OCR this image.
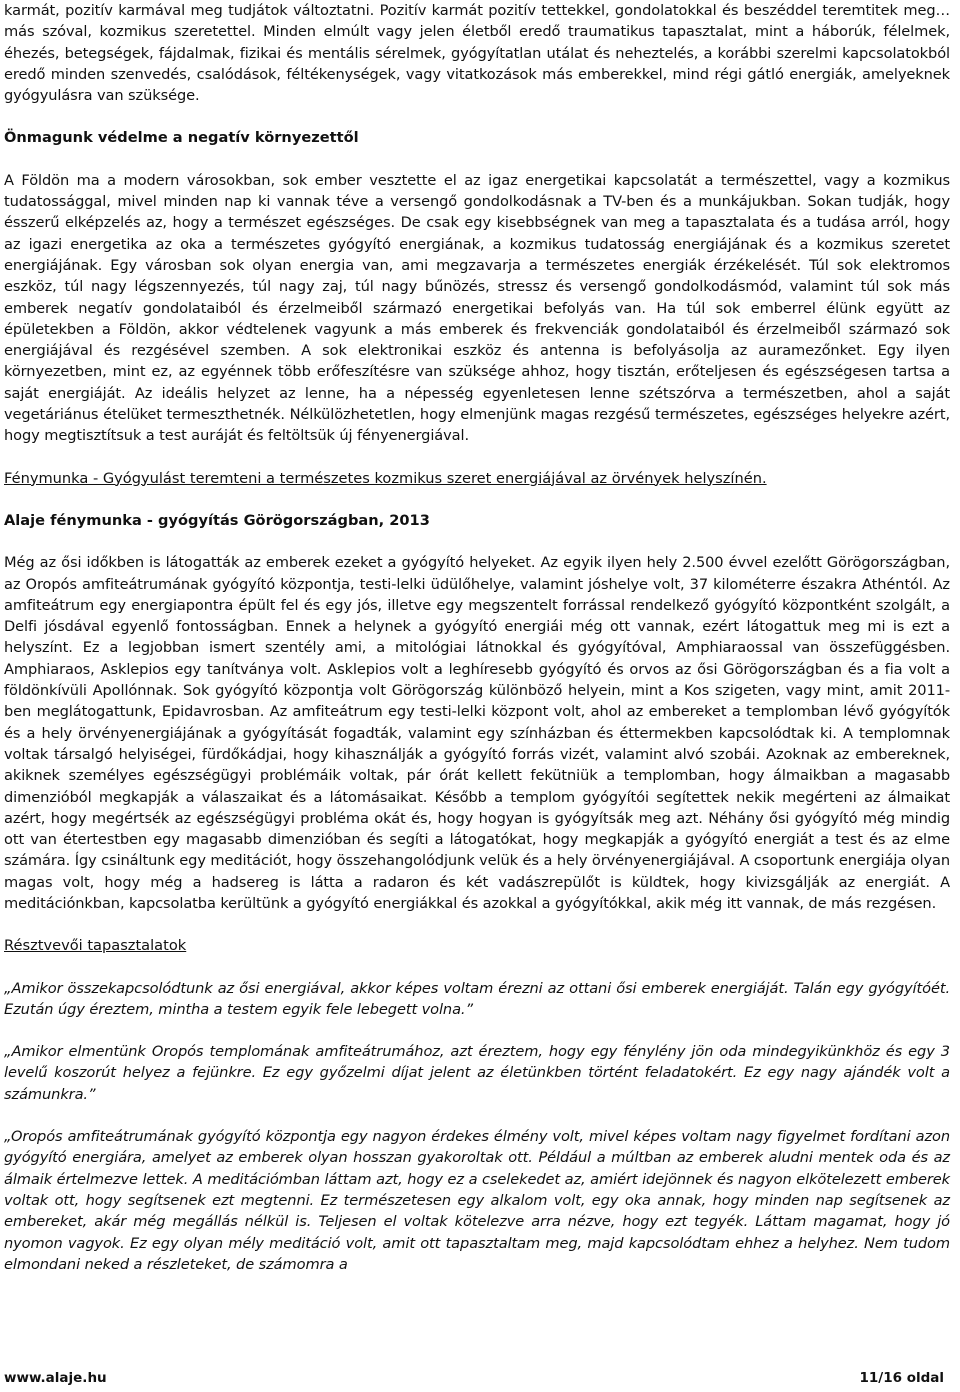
karmát, pozitív karmával meg tudjátok változtatni. Pozitív karmát pozitív tettekkel, gondolatokkal és beszéddel teremtitek meg… más szóval, kozmikus szeretettel. Minden elmúlt vagy jelen életből eredő traumatikus tapasztalat, mint a háborúk, félelmek, éhezés, betegségek, fájdalmak, fizikai és mentális sérelmek, gyógyítatlan utálat és neheztelés, a korábbi szerelmi kapcsolatokból eredő minden szenvedés, csalódások, féltékenységek, vagy vitatkozások más emberekkel, mind régi gátló energiák, amelyeknek gyógyulásra van szüksége.

Önmagunk védelme a negatív környezettől

A Földön ma a modern városokban, sok ember vesztette el az igaz energetikai kapcsolatát a természettel, vagy a kozmikus tudatossággal, mivel minden nap ki vannak téve a versengő gondolkodásnak a TV-ben és a munkájukban. Sokan tudják, hogy ésszerű elképzelés az, hogy a természet egészséges. De csak egy kisebbségnek van meg a tapasztalata és a tudása arról, hogy az igazi energetika az oka a természetes gyógyító energiának, a kozmikus tudatosság energiájának és a kozmikus szeretet energiájának. Egy városban sok olyan energia van, ami megzavarja a természetes energiák érzékelését. Túl sok elektromos eszköz, túl nagy légszennyezés, túl nagy zaj, túl nagy bűnözés, stressz és versengő gondolkodásmód, valamint túl sok más emberek negatív gondolataiból és érzelmeiből származó energetikai befolyás van. Ha túl sok emberrel élünk együtt az épületekben a Földön, akkor védtelenek vagyunk a más emberek és frekvenciák gondolataiból és érzelmeiből származó sok energiájával és rezgésével szemben. A sok elektronikai eszköz és antenna is befolyásolja az auramezőnket. Egy ilyen környezetben, mint ez, az egyénnek több erőfeszítésre van szüksége ahhoz, hogy tisztán, erőteljesen és egészségesen tartsa a saját energiáját. Az ideális helyzet az lenne, ha a népesség egyenletesen lenne szétszórva a természetben, ahol a saját vegetáriánus ételüket termeszthetnék. Nélkülözhetetlen, hogy elmenjünk magas rezgésű természetes, egészséges helyekre azért, hogy megtisztítsuk a test auráját és feltöltsük új fényenergiával.

Fénymunka - Gyógyulást teremteni a természetes kozmikus szeret energiájával az örvények helyszínén.

Alaje fénymunka - gyógyítás Görögországban, 2013

Még az ősi időkben is látogatták az emberek ezeket a gyógyító helyeket. Az egyik ilyen hely 2.500 évvel ezelőtt Görögországban, az Oropós amfiteátrumának gyógyító központja, testi-lelki üdülőhelye, valamint jóshelye volt, 37 kilométerre északra Athéntól. Az amfiteátrum egy energiapontra épült fel és egy jós, illetve egy megszentelt forrással rendelkező gyógyító központként szolgált, a Delfi jósdával egyenlő fontosságban. Ennek a helynek a gyógyító energiái még ott vannak, ezért látogattuk meg mi is ezt a helyszínt. Ez a legjobban ismert szentély ami, a mitológiai látnokkal és gyógyítóval, Amphiaraossal van összefüggésben. Amphiaraos, Asklepios egy tanítványa volt. Asklepios volt a leghíresebb gyógyító és orvos az ősi Görögországban és a fia volt a földönkívüli Apollónnak. Sok gyógyító központja volt Görögország különböző helyein, mint a Kos szigeten, vagy mint, amit 2011-ben meglátogattunk, Epidavrosban. Az amfiteátrum egy testi-lelki központ volt, ahol az embereket a templomban lévő gyógyítók és a hely örvényenergiájának a gyógyítását fogadták, valamint egy színházban és éttermekben kapcsolódtak ki. A templomnak voltak társalgó helyiségei, fürdőkádjai, hogy kihasználják a gyógyító forrás vizét, valamint alvó szobái. Azoknak az embereknek, akiknek személyes egészségügyi problémáik voltak, pár órát kellett fekütniük a templomban, hogy álmaikban a magasabb dimenzióból megkapják a válaszaikat és a látomásaikat. Később a templom gyógyítói segítettek nekik megérteni az álmaikat azért, hogy megértsék az egészségügyi probléma okát és, hogy hogyan is gyógyítsák meg azt. Néhány ősi gyógyító még mindig ott van étertestben egy magasabb dimenzióban és segíti a látogatókat, hogy megkapják a gyógyító energiát a test és az elme számára. Így csináltunk egy meditációt, hogy összehangolódjunk velük és a hely örvényenergiájával. A csoportunk energiája olyan magas volt, hogy még a hadsereg is látta a radaron és két vadászrepülőt is küldtek, hogy kivizsgálják az energiát. A meditációnkban, kapcsolatba kerültünk a gyógyító energiákkal és azokkal a gyógyítókkal, akik még itt vannak, de más rezgésen.

Résztvevői tapasztalatok

„Amikor összekapcsolódtunk az ősi energiával, akkor képes voltam érezni az ottani ősi emberek energiáját. Talán egy gyógyítóét. Ezután úgy éreztem, mintha a testem egyik fele lebegett volna.”

„Amikor elmentünk Oropós templomának amfiteátrumához, azt éreztem, hogy egy fénylény jön oda mindegyikünkhöz és egy 3 levelű koszorút helyez a fejünkre. Ez egy győzelmi díjat jelent az életünkben történt feladatokért. Ez egy nagy ajándék volt a számunkra.”

„Oropós amfiteátrumának gyógyító központja egy nagyon érdekes élmény volt, mivel képes voltam nagy figyelmet fordítani azon gyógyító energiára, amelyet az emberek olyan hosszan gyakoroltak ott. Például a múltban az emberek aludni mentek oda és az álmaik értelmezve lettek. A meditációmban láttam azt, hogy ez a cselekedet az, amiért idejönnek és nagyon elkötelezett emberek voltak ott, hogy segítsenek ezt megtenni. Ez természetesen egy alkalom volt, egy oka annak, hogy minden nap segítsenek az embereket, akár még megállás nélkül is. Teljesen el voltak kötelezve arra nézve, hogy ezt tegyék. Láttam magamat, hogy jó nyomon vagyok. Ez egy olyan mély meditáció volt, amit ott tapasztaltam meg, majd kapcsolódtam ehhez a helyhez. Nem tudom elmondani neked a részleteket, de számomra a

www.alaje.hu	11/16 oldal
